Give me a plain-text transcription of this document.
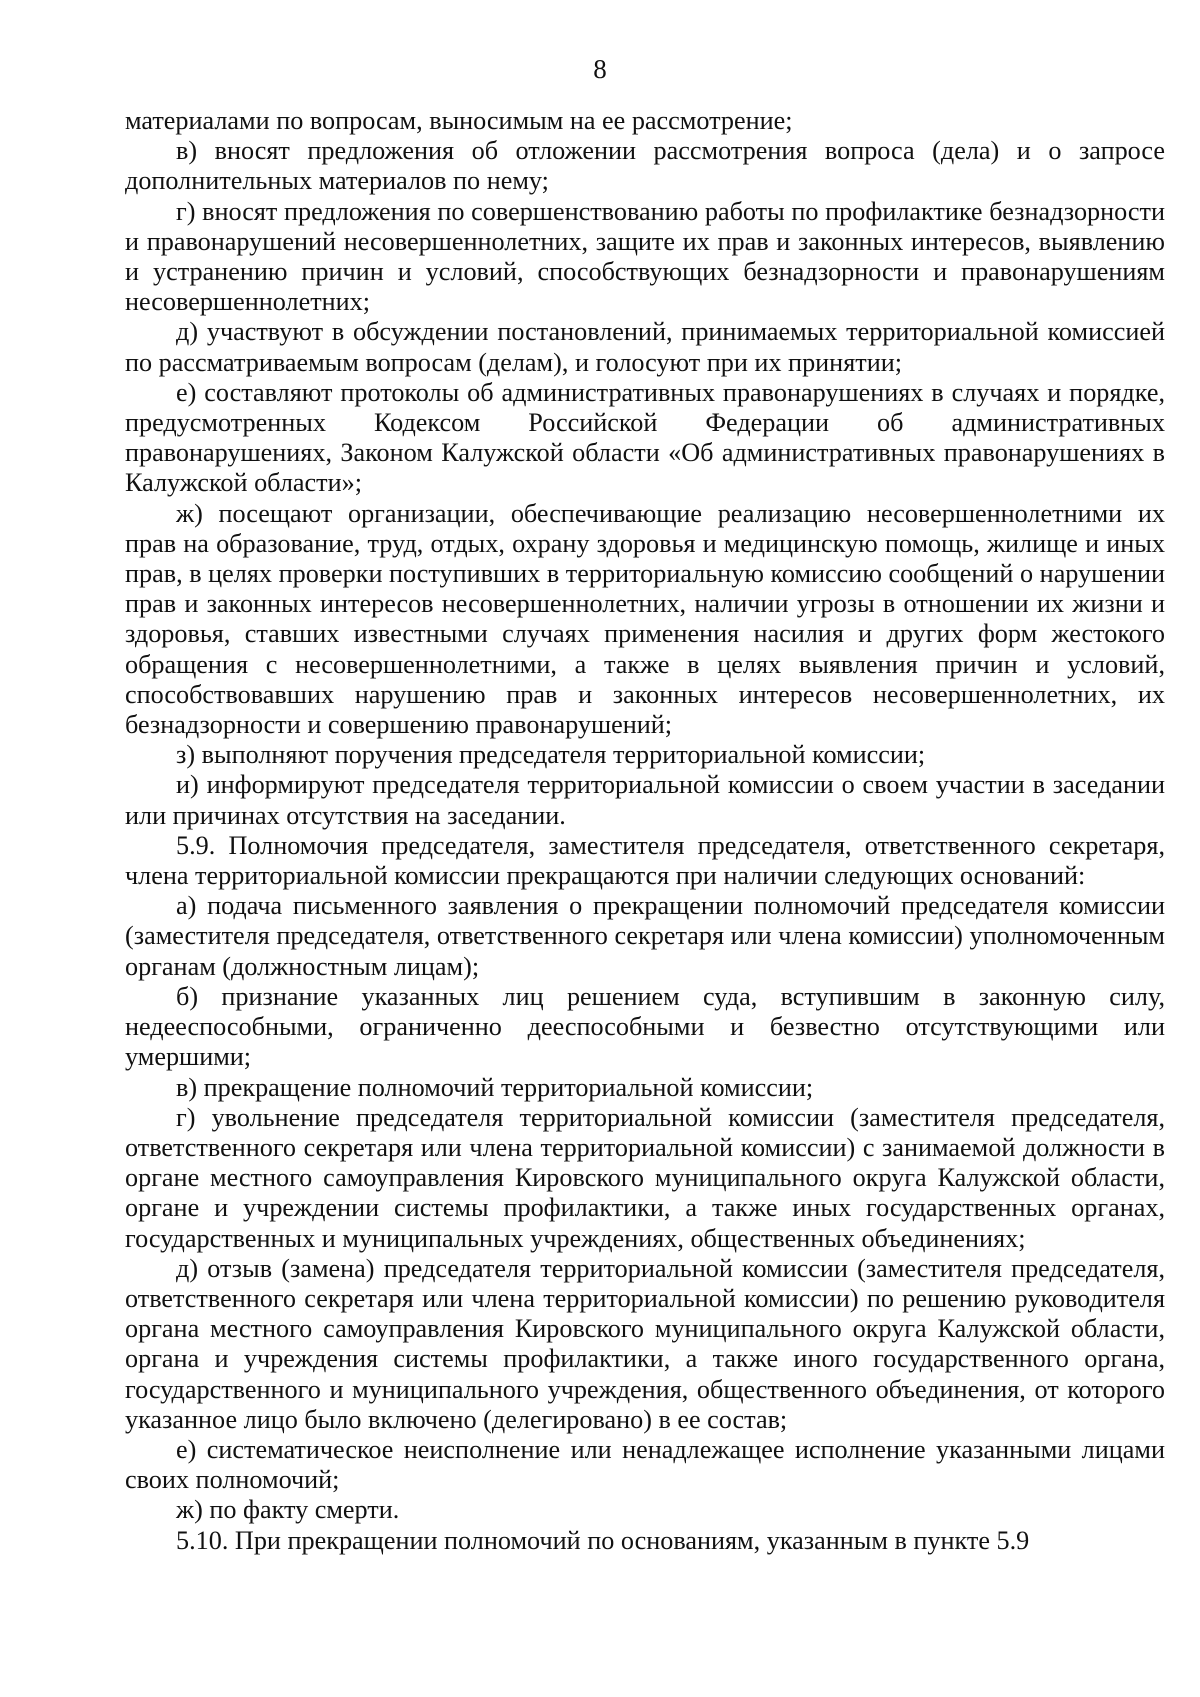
8

материалами по вопросам, выносимым на ее рассмотрение;

в) вносят предложения об отложении рассмотрения вопроса (дела) и о запросе дополнительных материалов по нему;

г) вносят предложения по совершенствованию работы по профилактике безнадзорности и правонарушений несовершеннолетних, защите их прав и законных интересов, выявлению и устранению причин и условий, способствующих безнадзорности и правонарушениям несовершеннолетних;

д) участвуют в обсуждении постановлений, принимаемых территориальной комиссией по рассматриваемым вопросам (делам), и голосуют при их принятии;

е) составляют протоколы об административных правонарушениях в случаях и порядке, предусмотренных Кодексом Российской Федерации об административных правонарушениях, Законом Калужской области «Об административных правонарушениях в Калужской области»;

ж) посещают организации, обеспечивающие реализацию несовершеннолетними их прав на образование, труд, отдых, охрану здоровья и медицинскую помощь, жилище и иных прав, в целях проверки поступивших в территориальную комиссию сообщений о нарушении прав и законных интересов несовершеннолетних, наличии угрозы в отношении их жизни и здоровья, ставших известными случаях применения насилия и других форм жестокого обращения с несовершеннолетними, а также в целях выявления причин и условий, способствовавших нарушению прав и законных интересов несовершеннолетних, их безнадзорности и совершению правонарушений;

з) выполняют поручения председателя территориальной комиссии;

и) информируют председателя территориальной комиссии о своем участии в заседании или причинах отсутствия на заседании.

5.9. Полномочия председателя, заместителя председателя, ответственного секретаря, члена территориальной комиссии прекращаются при наличии следующих оснований:

а) подача письменного заявления о прекращении полномочий председателя комиссии (заместителя председателя, ответственного секретаря или члена комиссии) уполномоченным органам (должностным лицам);

б) признание указанных лиц решением суда, вступившим в законную силу, недееспособными, ограниченно дееспособными и безвестно отсутствующими или умершими;

в) прекращение полномочий территориальной комиссии;

г) увольнение председателя территориальной комиссии (заместителя председателя, ответственного секретаря или члена территориальной комиссии) с занимаемой должности в органе местного самоуправления Кировского муниципального округа Калужской области, органе и учреждении системы профилактики, а также иных государственных органах, государственных и муниципальных учреждениях, общественных объединениях;

д) отзыв (замена) председателя территориальной комиссии (заместителя председателя, ответственного секретаря или члена территориальной комиссии) по решению руководителя органа местного самоуправления Кировского муниципального округа Калужской области, органа и учреждения системы профилактики, а также иного государственного органа, государственного и муниципального учреждения, общественного объединения, от которого указанное лицо было включено (делегировано) в ее состав;

е) систематическое неисполнение или ненадлежащее исполнение указанными лицами своих полномочий;

ж) по факту смерти.

5.10. При прекращении полномочий по основаниям, указанным в пункте 5.9
